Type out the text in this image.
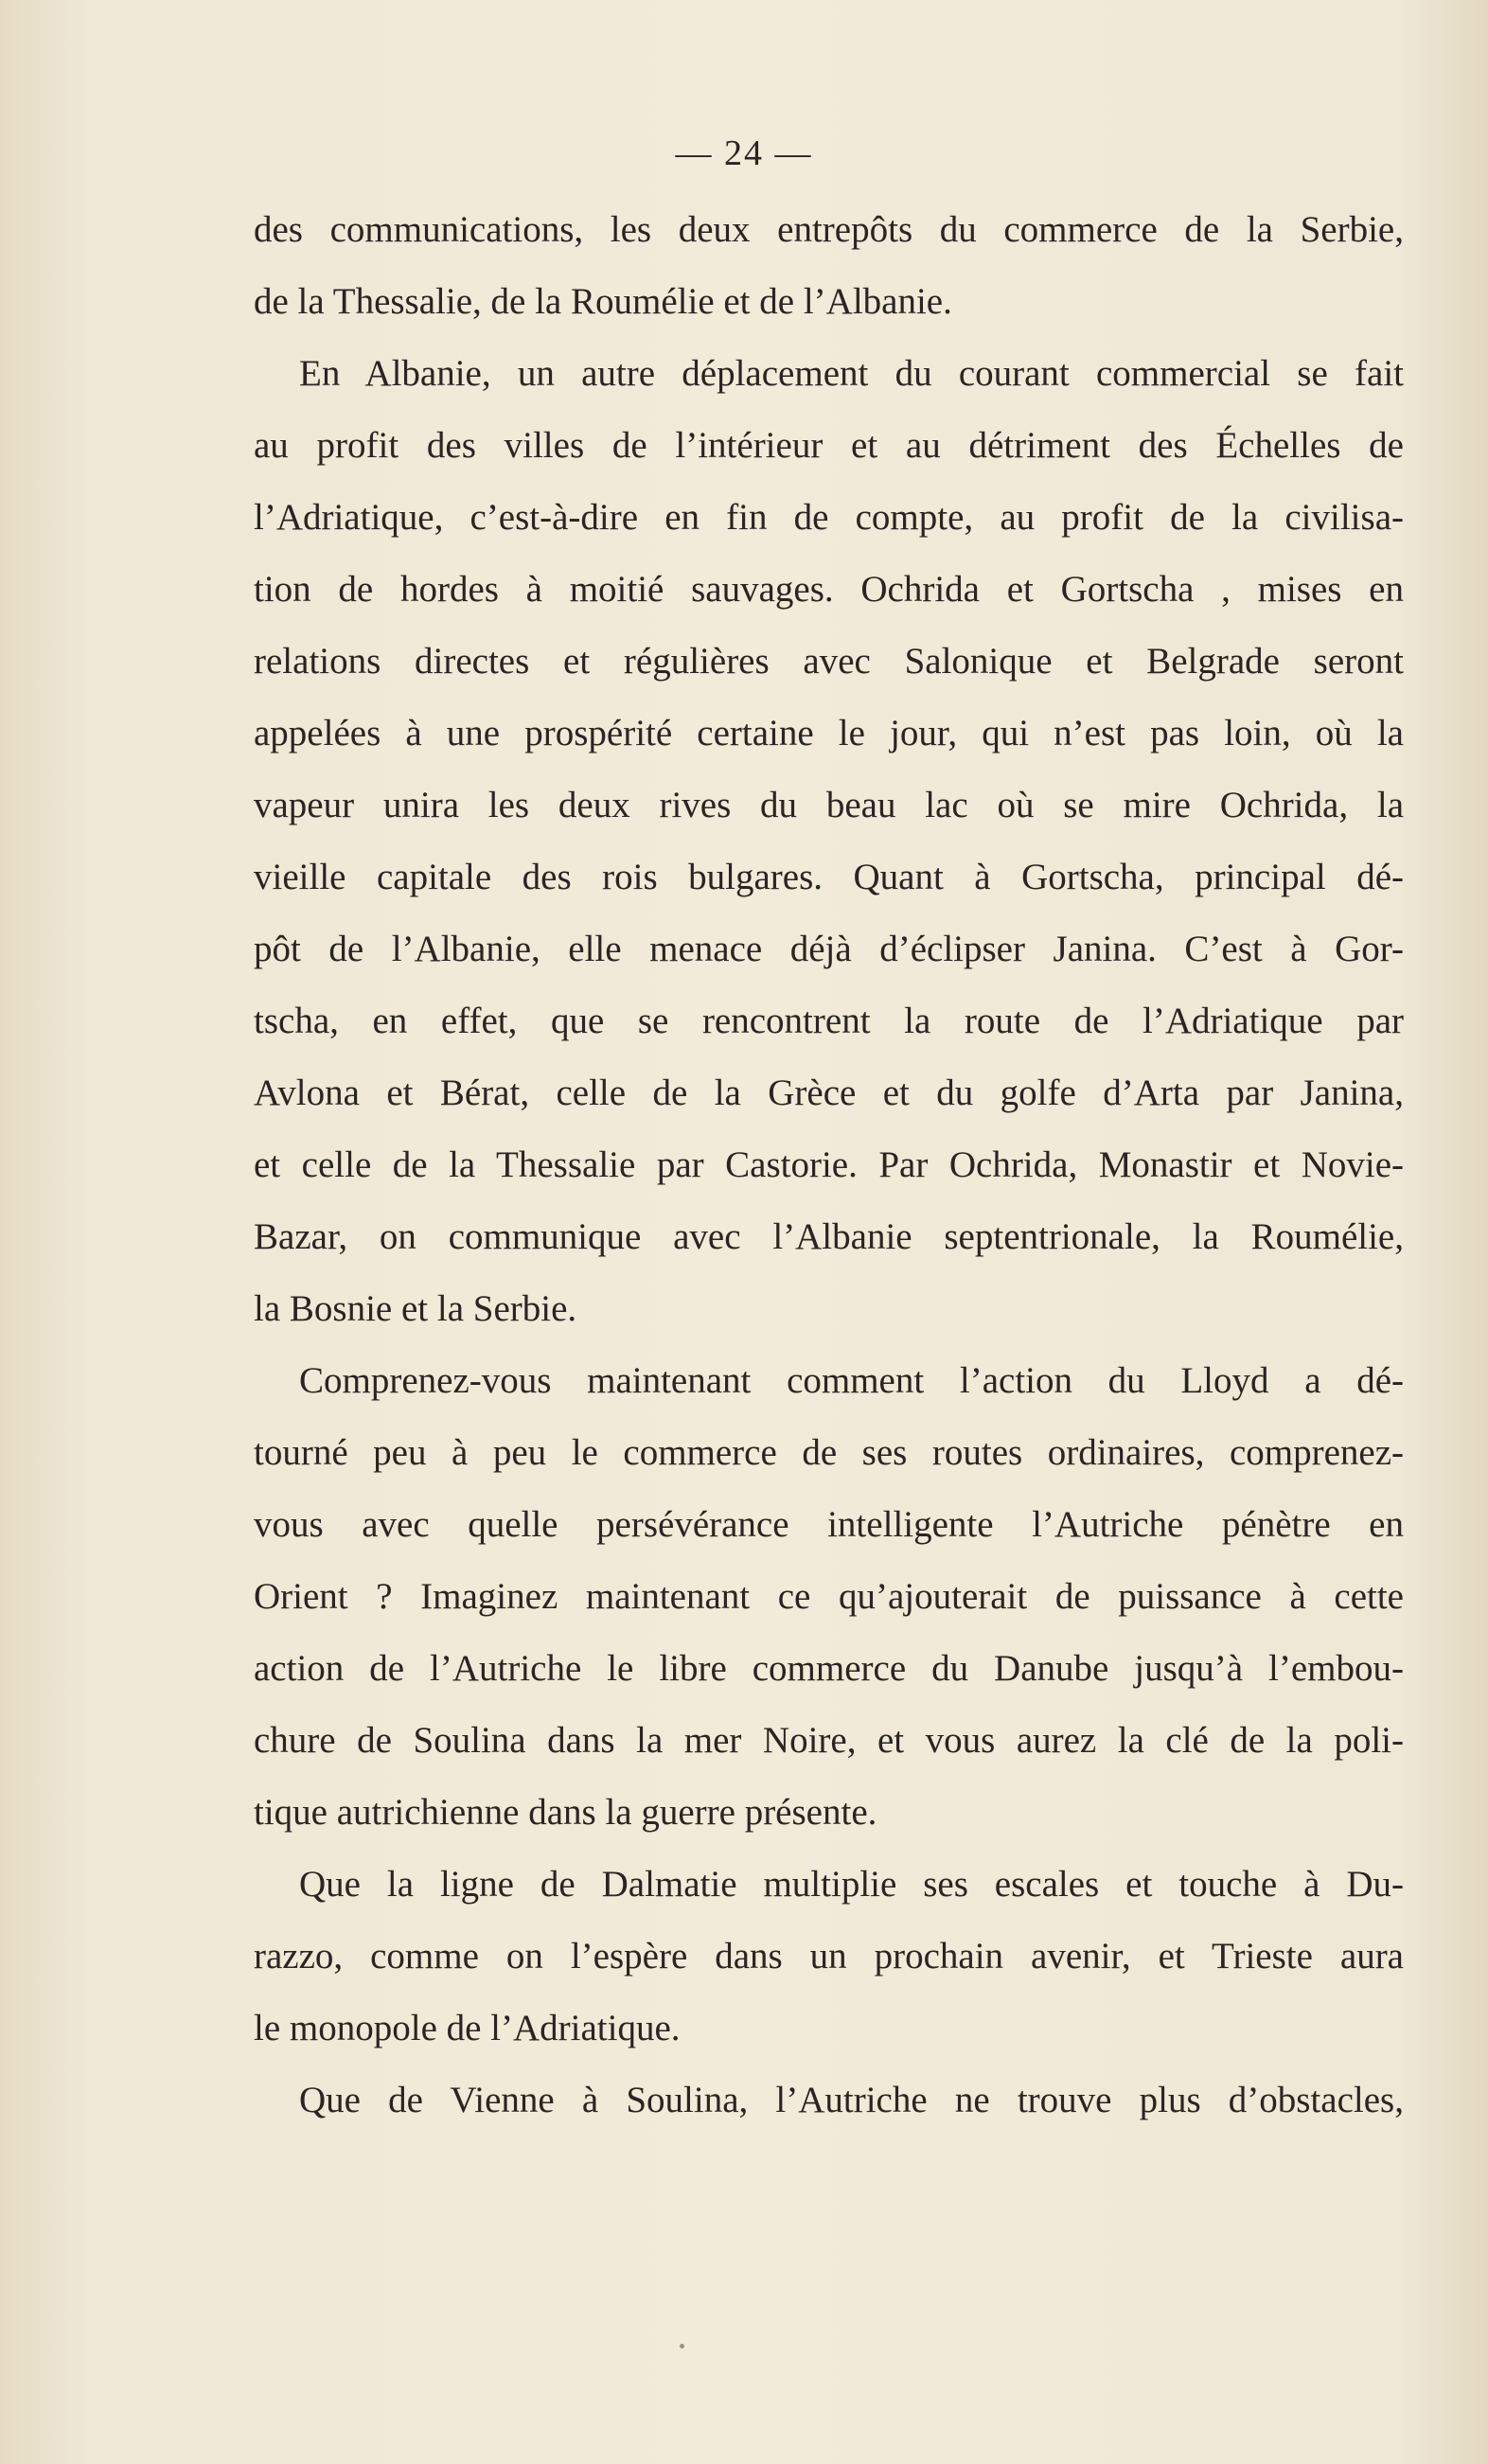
— 24 —
des communications, les deux entrepôts du commerce de la Serbie,
de la Thessalie, de la Roumélie et de l’Albanie.
En Albanie, un autre déplacement du courant commercial se fait
au profit des villes de l’intérieur et au détriment des Échelles de
l’Adriatique, c’est-à-dire en fin de compte, au profit de la civilisa-
tion de hordes à moitié sauvages. Ochrida et Gortscha , mises en
relations directes et régulières avec Salonique et Belgrade seront
appelées à une prospérité certaine le jour, qui n’est pas loin, où la
vapeur unira les deux rives du beau lac où se mire Ochrida, la
vieille capitale des rois bulgares. Quant à Gortscha, principal dé-
pôt de l’Albanie, elle menace déjà d’éclipser Janina. C’est à Gor-
tscha, en effet, que se rencontrent la route de l’Adriatique par
Avlona et Bérat, celle de la Grèce et du golfe d’Arta par Janina,
et celle de la Thessalie par Castorie. Par Ochrida, Monastir et Novie-
Bazar, on communique avec l’Albanie septentrionale, la Roumélie,
la Bosnie et la Serbie.
Comprenez-vous maintenant comment l’action du Lloyd a dé-
tourné peu à peu le commerce de ses routes ordinaires, comprenez-
vous avec quelle persévérance intelligente l’Autriche pénètre en
Orient ? Imaginez maintenant ce qu’ajouterait de puissance à cette
action de l’Autriche le libre commerce du Danube jusqu’à l’embou-
chure de Soulina dans la mer Noire, et vous aurez la clé de la poli-
tique autrichienne dans la guerre présente.
Que la ligne de Dalmatie multiplie ses escales et touche à Du-
razzo, comme on l’espère dans un prochain avenir, et Trieste aura
le monopole de l’Adriatique.
Que de Vienne à Soulina, l’Autriche ne trouve plus d’obstacles,
